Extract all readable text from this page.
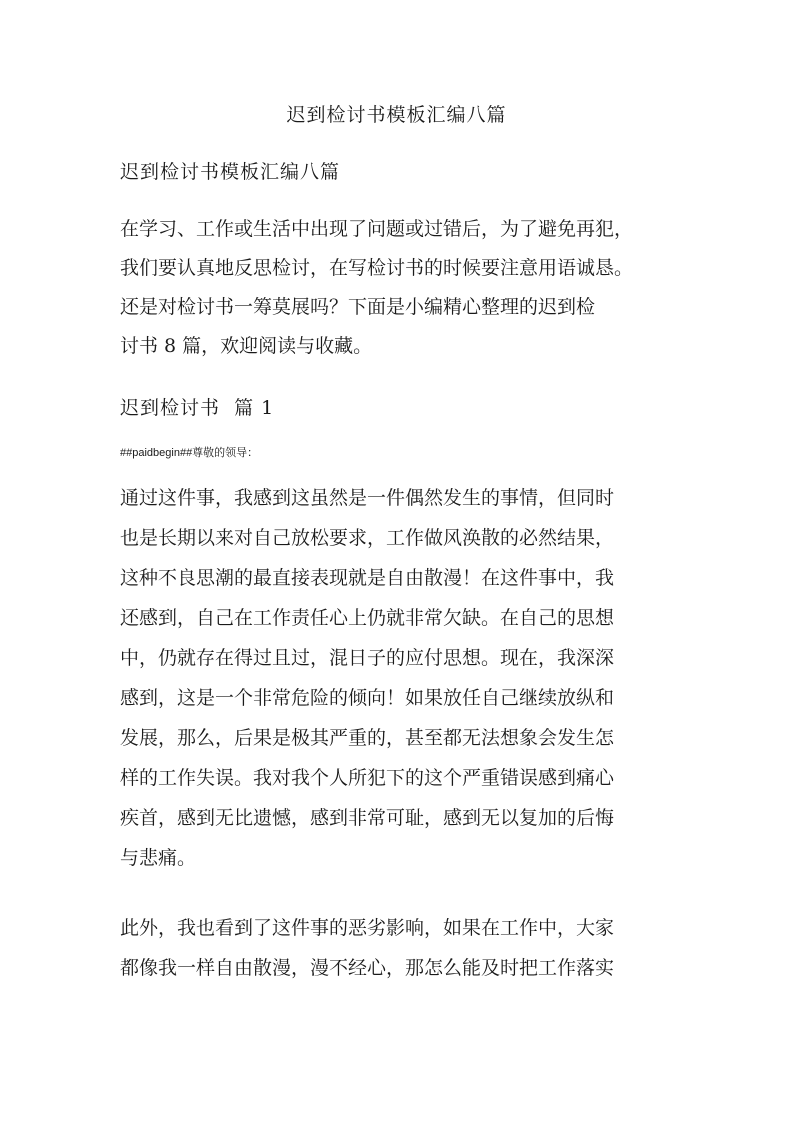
迟到检讨书模板汇编八篇
迟到检讨书模板汇编八篇
在学习、工作或生活中出现了问题或过错后，为了避免再犯，
我们要认真地反思检讨，在写检讨书的时候要注意用语诚恳。
还是对检讨书一筹莫展吗？下面是小编精心整理的迟到检
讨书 8 篇，欢迎阅读与收藏。
迟到检讨书  篇 1
##paidbegin##尊敬的领导：
通过这件事，我感到这虽然是一件偶然发生的事情，但同时
也是长期以来对自己放松要求，工作做风涣散的必然结果，
这种不良思潮的最直接表现就是自由散漫！在这件事中，我
还感到，自己在工作责任心上仍就非常欠缺。在自己的思想
中，仍就存在得过且过，混日子的应付思想。现在，我深深
感到，这是一个非常危险的倾向！如果放任自己继续放纵和
发展，那么，后果是极其严重的，甚至都无法想象会发生怎
样的工作失误。我对我个人所犯下的这个严重错误感到痛心
疾首，感到无比遗憾，感到非常可耻，感到无以复加的后悔
与悲痛。
此外，我也看到了这件事的恶劣影响，如果在工作中，大家
都像我一样自由散漫，漫不经心，那怎么能及时把工作落实
